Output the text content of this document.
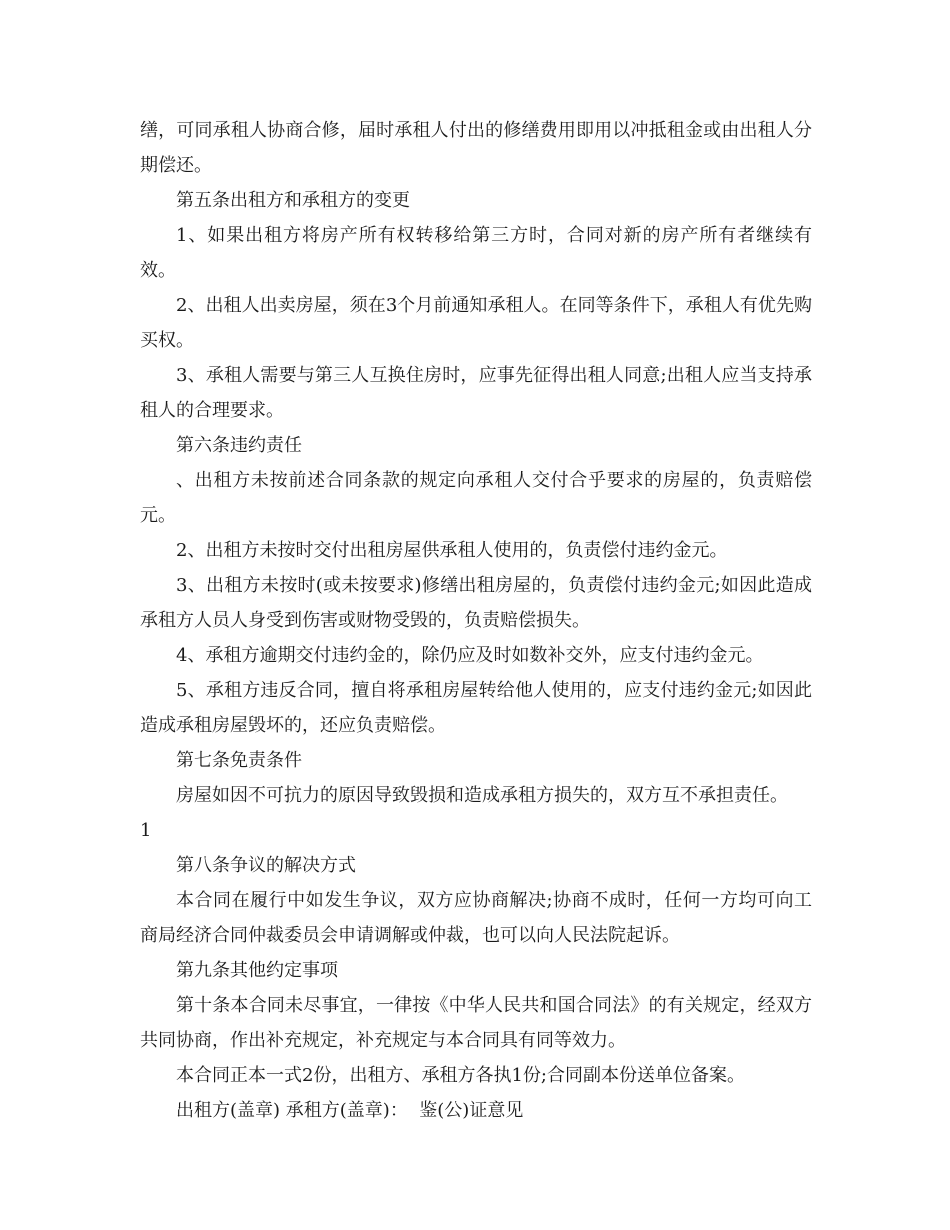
缮，可同承租人协商合修，届时承租人付出的修缮费用即用以冲抵租金或由出租人分期偿还。

第五条出租方和承租方的变更

1、如果出租方将房产所有权转移给第三方时，合同对新的房产所有者继续有效。

2、出租人出卖房屋，须在3个月前通知承租人。在同等条件下，承租人有优先购买权。

3、承租人需要与第三人互换住房时，应事先征得出租人同意;出租人应当支持承租人的合理要求。

第六条违约责任

、出租方未按前述合同条款的规定向承租人交付合乎要求的房屋的，负责赔偿元。

2、出租方未按时交付出租房屋供承租人使用的，负责偿付违约金元。

3、出租方未按时(或未按要求)修缮出租房屋的，负责偿付违约金元;如因此造成承租方人员人身受到伤害或财物受毁的，负责赔偿损失。

4、承租方逾期交付违约金的，除仍应及时如数补交外，应支付违约金元。

5、承租方违反合同，擅自将承租房屋转给他人使用的，应支付违约金元;如因此造成承租房屋毁坏的，还应负责赔偿。

第七条免责条件

房屋如因不可抗力的原因导致毁损和造成承租方损失的，双方互不承担责任。

1

第八条争议的解决方式

本合同在履行中如发生争议，双方应协商解决;协商不成时，任何一方均可向工商局经济合同仲裁委员会申请调解或仲裁，也可以向人民法院起诉。

第九条其他约定事项

第十条本合同未尽事宜，一律按《中华人民共和国合同法》的有关规定，经双方共同协商，作出补充规定，补充规定与本合同具有同等效力。

本合同正本一式2份，出租方、承租方各执1份;合同副本份送单位备案。

出租方(盖章) 承租方(盖章)： 鉴(公)证意见
